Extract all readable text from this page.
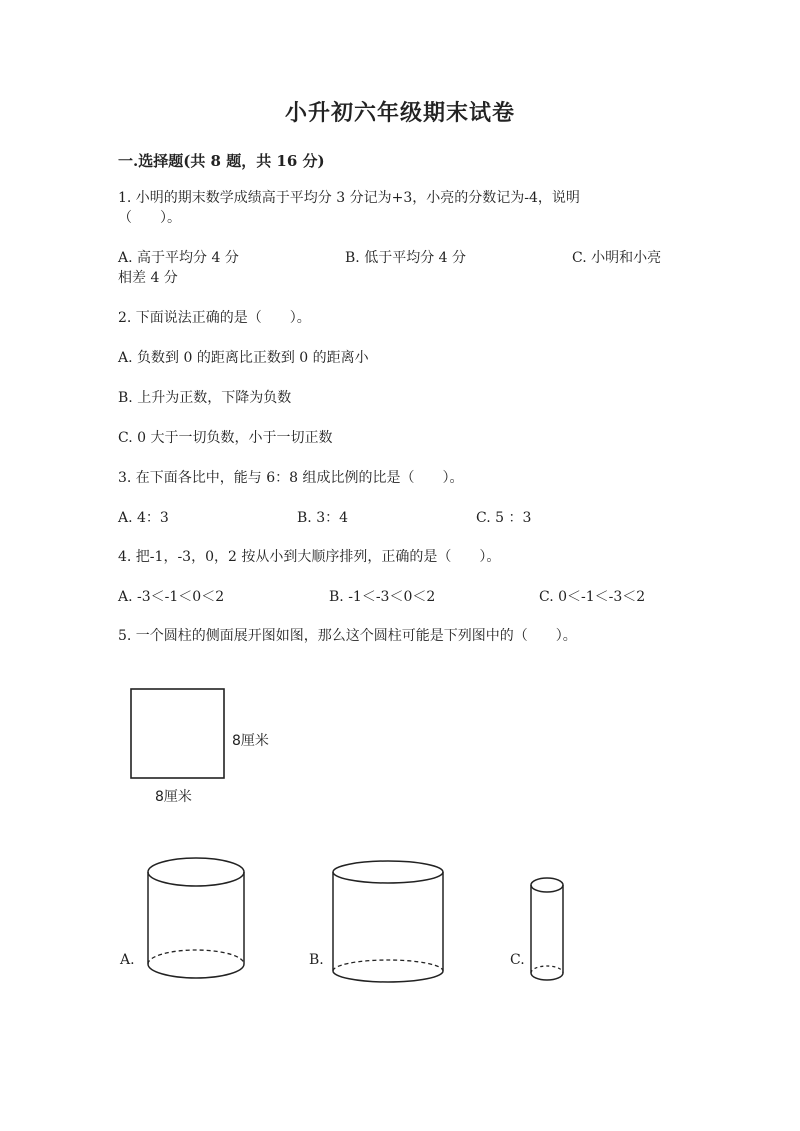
小升初六年级期末试卷
一.选择题(共 8 题，共 16 分)
1. 小明的期末数学成绩高于平均分 3 分记为+3，小亮的分数记为-4，说明
（　　）。
A. 高于平均分 4 分	B. 低于平均分 4 分	C. 小明和小亮
相差 4 分
2. 下面说法正确的是（　　）。
A. 负数到 0 的距离比正数到 0 的距离小
B. 上升为正数，下降为负数
C. 0 大于一切负数，小于一切正数
3. 在下面各比中，能与 6：8 组成比例的比是（　　）。
A. 4：3	B. 3：4	C. 5 ：3
4. 把-1，-3，0，2 按从小到大顺序排列，正确的是（　　）。
A. -3＜-1＜0＜2	B. -1＜-3＜0＜2	C. 0＜-1＜-3＜2
5. 一个圆柱的侧面展开图如图，那么这个圆柱可能是下列图中的（　　）。
8厘米
8厘米
A.	B.	C.
